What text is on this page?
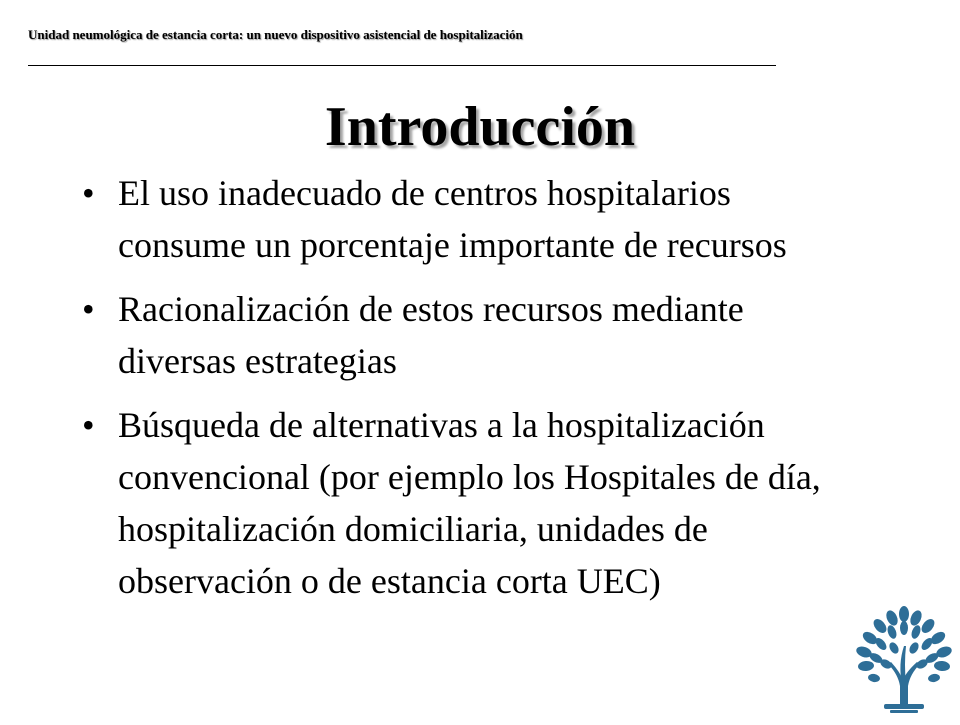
Unidad neumológica de estancia corta: un nuevo dispositivo asistencial de hospitalización
Introducción
• El uso inadecuado de centros hospitalarios consume un porcentaje importante de recursos
• Racionalización de estos recursos mediante diversas estrategias
• Búsqueda de alternativas a la hospitalización convencional (por ejemplo los Hospitales de día, hospitalización domiciliaria, unidades de observación o de estancia corta UEC)
